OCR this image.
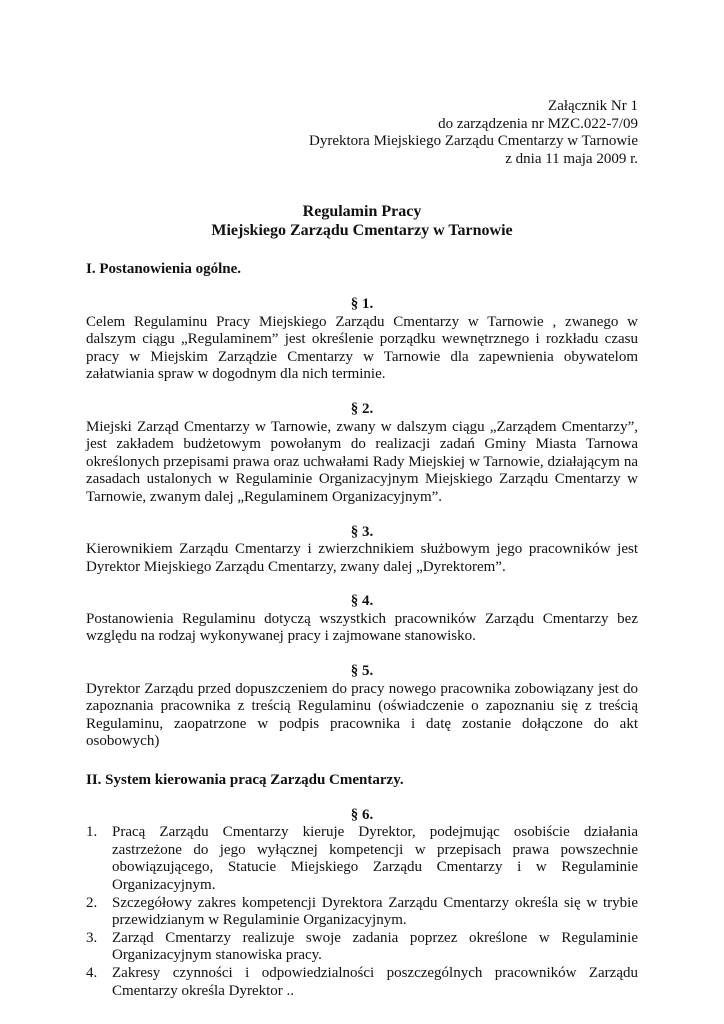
Załącznik Nr 1
do zarządzenia nr MZC.022-7/09
Dyrektora Miejskiego Zarządu Cmentarzy w Tarnowie
z dnia 11 maja 2009 r.
Regulamin Pracy
Miejskiego Zarządu Cmentarzy w Tarnowie
I. Postanowienia ogólne.
§ 1.

Celem Regulaminu Pracy Miejskiego Zarządu Cmentarzy w Tarnowie , zwanego w dalszym ciągu „Regulaminem” jest określenie porządku wewnętrznego i rozkładu czasu pracy w Miejskim Zarządzie Cmentarzy w Tarnowie dla zapewnienia obywatelom załatwiania spraw w dogodnym dla nich terminie.

§ 2.

Miejski Zarząd Cmentarzy w Tarnowie, zwany w dalszym ciągu „Zarządem Cmentarzy”, jest zakładem budżetowym powołanym do realizacji zadań Gminy Miasta Tarnowa określonych przepisami prawa oraz uchwałami Rady Miejskiej w Tarnowie, działającym na zasadach ustalonych w Regulaminie Organizacyjnym Miejskiego Zarządu Cmentarzy w Tarnowie, zwanym dalej „Regulaminem Organizacyjnym”.

§ 3.

Kierownikiem Zarządu Cmentarzy i zwierzchnikiem służbowym jego pracowników jest Dyrektor Miejskiego Zarządu Cmentarzy, zwany dalej „Dyrektorem”.

§ 4.

Postanowienia Regulaminu dotyczą wszystkich pracowników Zarządu Cmentarzy bez względu na rodzaj wykonywanej pracy i zajmowane stanowisko.

§ 5.

Dyrektor Zarządu przed dopuszczeniem do pracy nowego pracownika zobowiązany jest do zapoznania pracownika z treścią Regulaminu (oświadczenie o zapoznaniu się z treścią Regulaminu, zaopatrzone w podpis pracownika i datę zostanie dołączone do akt osobowych)

II. System kierowania pracą Zarządu Cmentarzy.
§ 6.
1. Pracą Zarządu Cmentarzy kieruje Dyrektor, podejmując osobiście działania zastrzeżone do jego wyłącznej kompetencji w przepisach prawa powszechnie obowiązującego, Statucie Miejskiego Zarządu Cmentarzy i w Regulaminie Organizacyjnym.
2. Szczegółowy zakres kompetencji Dyrektora Zarządu Cmentarzy określa się w trybie przewidzianym w Regulaminie Organizacyjnym.
3. Zarząd Cmentarzy realizuje swoje zadania poprzez określone w Regulaminie Organizacyjnym stanowiska pracy.
4. Zakresy czynności i odpowiedzialności poszczególnych pracowników Zarządu Cmentarzy określa Dyrektor ..
